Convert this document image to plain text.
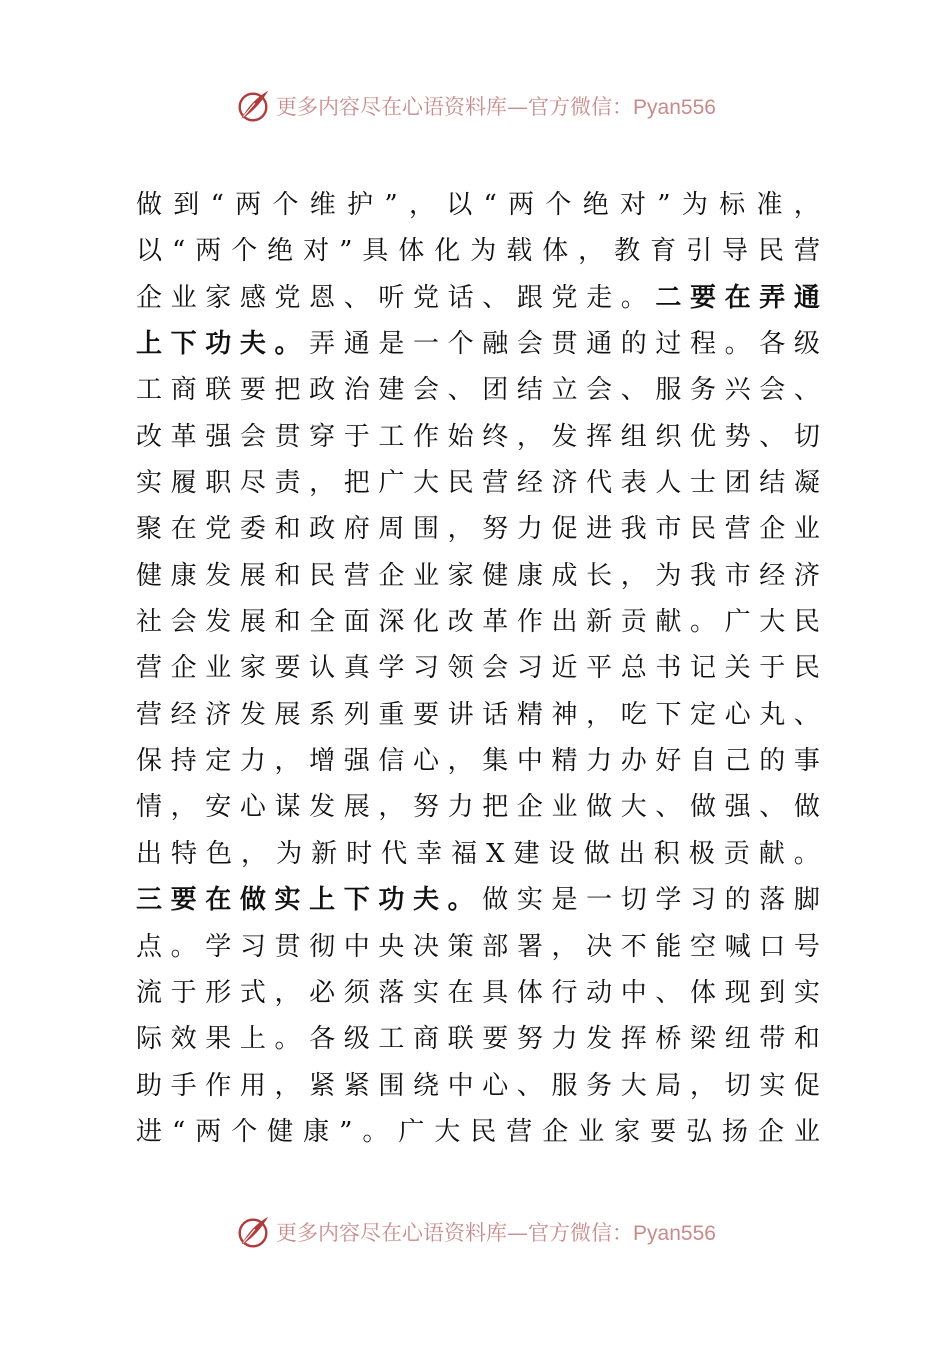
更多内容尽在心语资料库—官方微信：Pyan556
做 到 “ 两 个 维 护 ” ， 以 “ 两 个 绝 对 ” 为 标 准 ，
以 “ 两 个 绝 对 ” 具 体 化 为 载 体 ， 教 育 引 导 民 营
企 业 家 感 党 恩 、 听 党 话 、 跟 党 走 。 二 要 在 弄 通
上 下 功 夫 。 弄 通 是 一 个 融 会 贯 通 的 过 程 。 各 级
工 商 联 要 把 政 治 建 会 、 团 结 立 会 、 服 务 兴 会 、
改 革 强 会 贯 穿 于 工 作 始 终 ， 发 挥 组 织 优 势 、 切
实 履 职 尽 责 ， 把 广 大 民 营 经 济 代 表 人 士 团 结 凝
聚 在 党 委 和 政 府 周 围 ， 努 力 促 进 我 市 民 营 企 业
健 康 发 展 和 民 营 企 业 家 健 康 成 长 ， 为 我 市 经 济
社 会 发 展 和 全 面 深 化 改 革 作 出 新 贡 献 。 广 大 民
营 企 业 家 要 认 真 学 习 领 会 习 近 平 总 书 记 关 于 民
营 经 济 发 展 系 列 重 要 讲 话 精 神 ， 吃 下 定 心 丸 、
保 持 定 力 ， 增 强 信 心 ， 集 中 精 力 办 好 自 己 的 事
情 ， 安 心 谋 发 展 ， 努 力 把 企 业 做 大 、 做 强 、 做
出 特 色 ， 为 新 时 代 幸 福 X 建 设 做 出 积 极 贡 献 。
三 要 在 做 实 上 下 功 夫 。 做 实 是 一 切 学 习 的 落 脚
点 。 学 习 贯 彻 中 央 决 策 部 署 ， 决 不 能 空 喊 口 号
流 于 形 式 ， 必 须 落 实 在 具 体 行 动 中 、 体 现 到 实
际 效 果 上 。 各 级 工 商 联 要 努 力 发 挥 桥 梁 纽 带 和
助 手 作 用 ， 紧 紧 围 绕 中 心 、 服 务 大 局 ， 切 实 促
进 “ 两 个 健 康 ” 。 广 大 民 营 企 业 家 要 弘 扬 企 业
更多内容尽在心语资料库—官方微信：Pyan556
